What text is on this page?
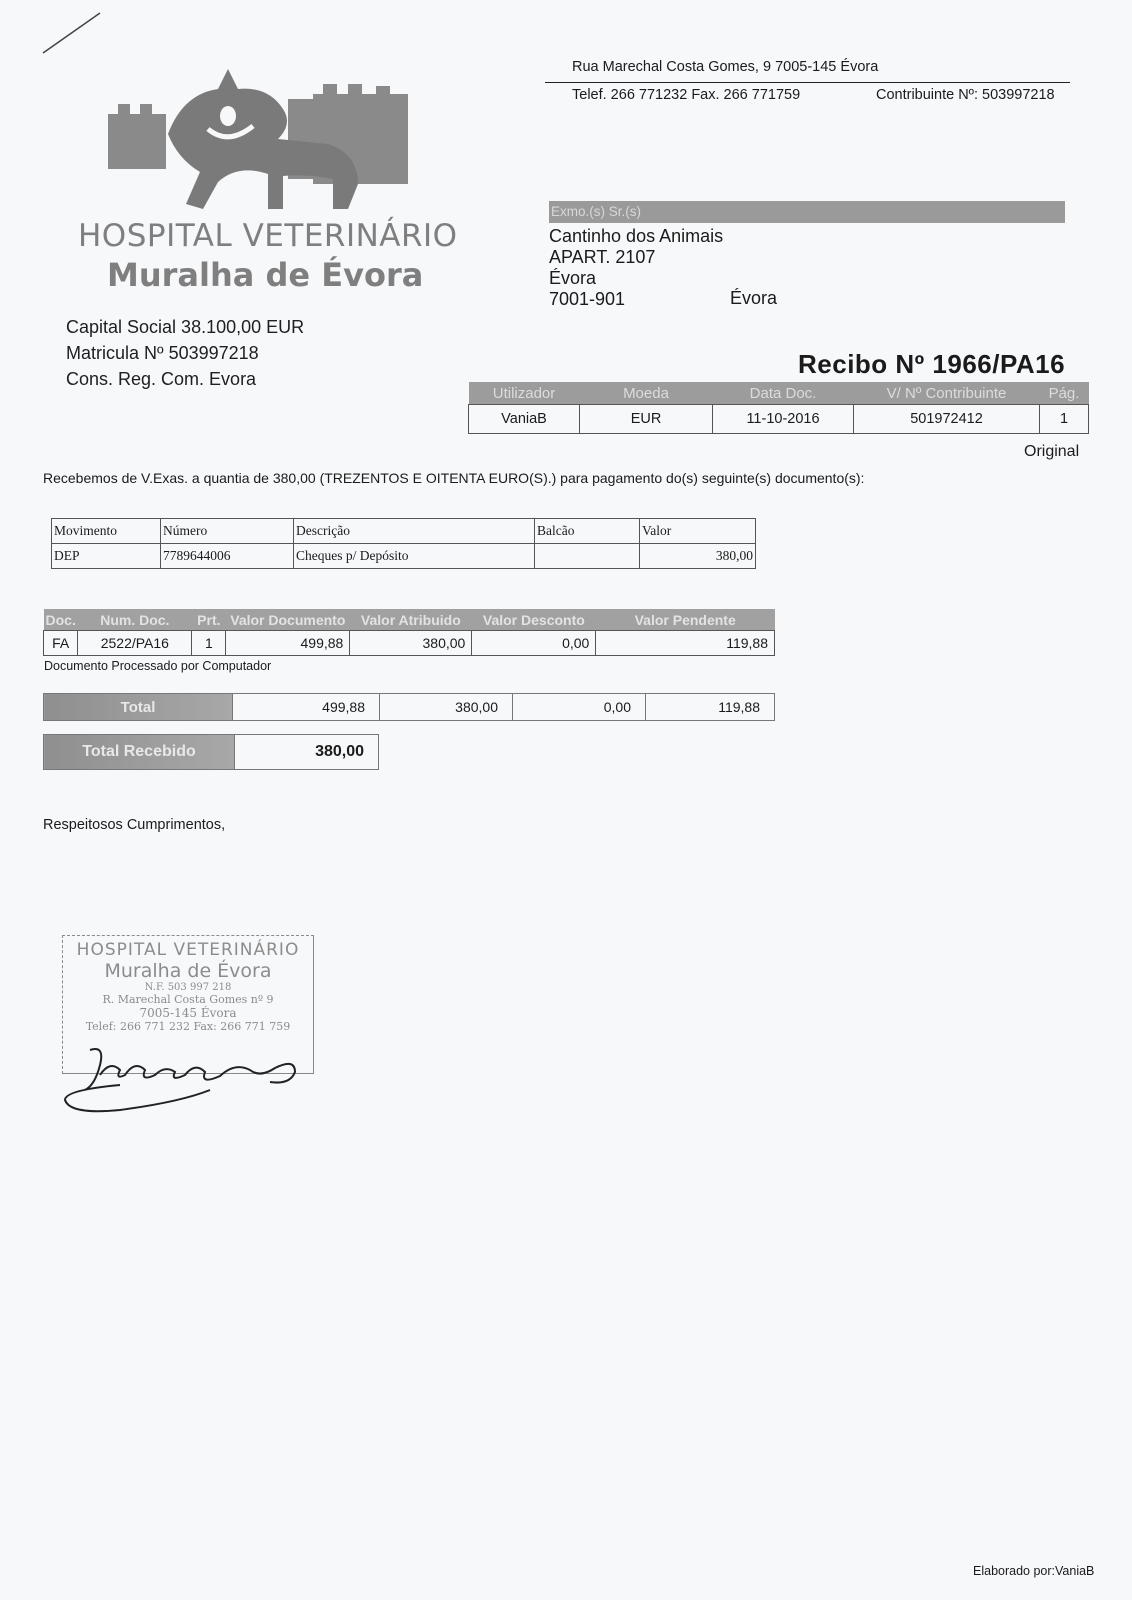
HOSPITAL VETERINÁRIO
Muralha de Évora
Capital Social 38.100,00 EUR
Matricula Nº 503997218
Cons. Reg. Com. Evora
Rua Marechal Costa Gomes, 9 7005-145 Évora
Telef. 266 771232 Fax. 266 771759	Contribuinte Nº: 503997218
Exmo.(s) Sr.(s)
Cantinho dos Animais
APART. 2107
Évora
7001-901	Évora
Recibo Nº 1966/PA16
Utilizador	Moeda	Data Doc.	V/ Nº Contribuinte	Pág.
VaniaB	EUR	11-10-2016	501972412	1
Original
Recebemos de V.Exas. a quantia de 380,00 (TREZENTOS E OITENTA EURO(S).) para pagamento do(s) seguinte(s) documento(s):
Movimento	Número	Descrição	Balcão	Valor
DEP	7789644006	Cheques p/ Depósito		380,00
Doc.	Num. Doc.	Prt.	Valor Documento	Valor Atribuido	Valor Desconto	Valor Pendente
FA	2522/PA16	1	499,88	380,00	0,00	119,88
Documento Processado por Computador
Total	499,88	380,00	0,00	119,88
Total Recebido	380,00
Respeitosos Cumprimentos,
HOSPITAL VETERINÁRIO
Muralha de Évora
N.F. 503 997 218
R. Marechal Costa Gomes nº 9
7005-145 Évora
Telef: 266 771 232 Fax: 266 771 759
Elaborado por:VaniaB
